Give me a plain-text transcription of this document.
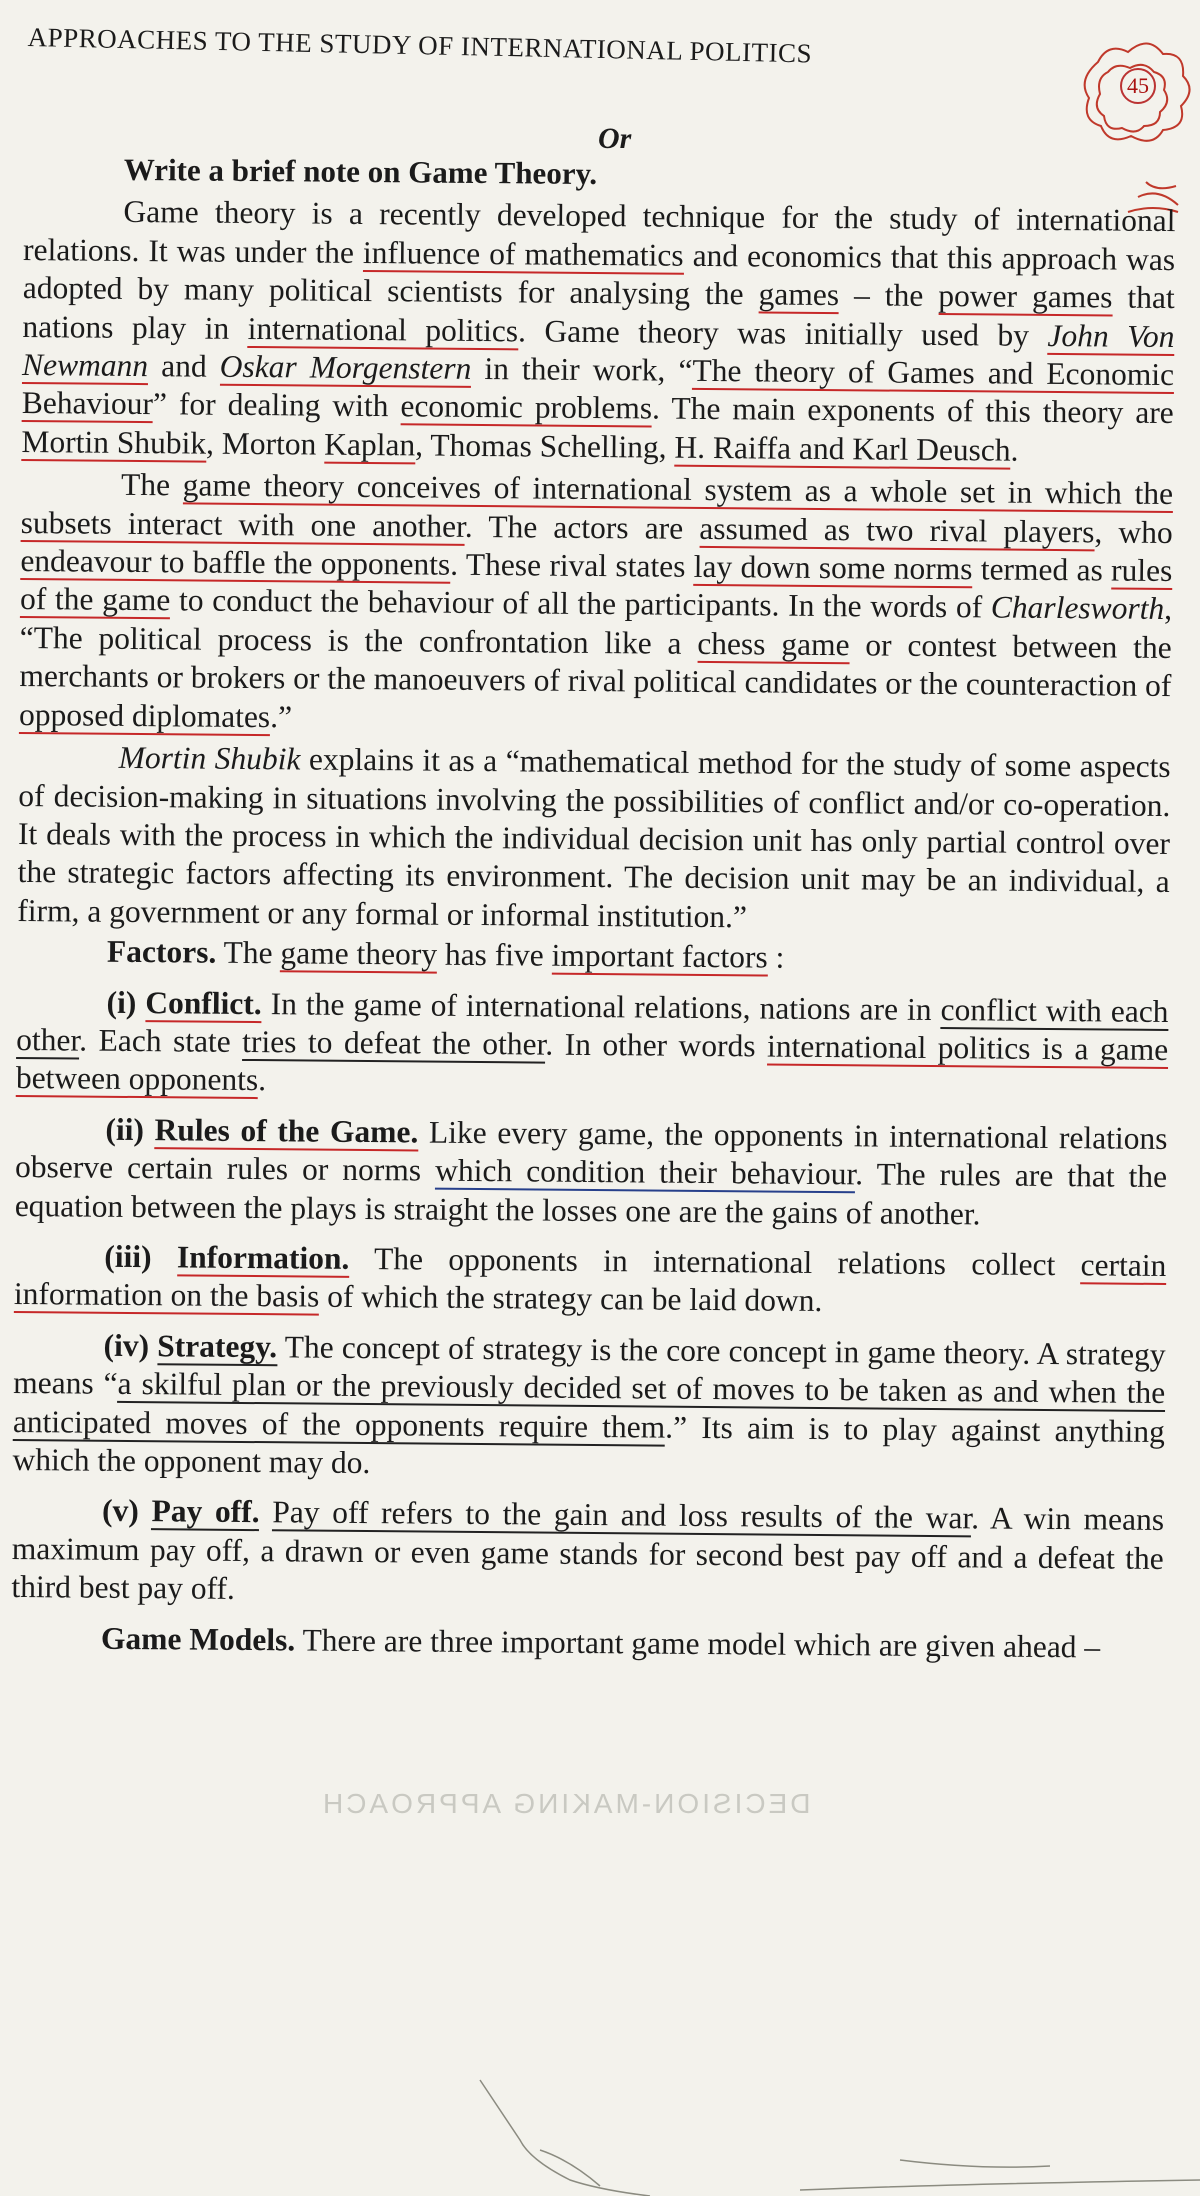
APPROACHES TO THE STUDY OF INTERNATIONAL POLITICS
45
Or

Write a brief note on Game Theory.

Game theory is a recently developed technique for the study of international relations. It was under the influence of mathematics and economics that this approach was adopted by many political scientists for analysing the games – the power games that nations play in international politics. Game theory was initially used by John Von Newmann and Oskar Morgenstern in their work, “The theory of Games and Economic Behaviour” for dealing with economic problems. The main exponents of this theory are Mortin Shubik, Morton Kaplan, Thomas Schelling, H. Raiffa and Karl Deusch.

The game theory conceives of international system as a whole set in which the subsets interact with one another. The actors are assumed as two rival players, who endeavour to baffle the opponents. These rival states lay down some norms termed as rules of the game to conduct the behaviour of all the participants. In the words of Charlesworth, “The political process is the confrontation like a chess game or contest between the merchants or brokers or the manoeuvers of rival political candidates or the counteraction of opposed diplomates.”

Mortin Shubik explains it as a “mathematical method for the study of some aspects of decision-making in situations involving the possibilities of conflict and/or co-operation. It deals with the process in which the individual decision unit has only partial control over the strategic factors affecting its environment. The decision unit may be an individual, a firm, a government or any formal or informal institution.”

Factors. The game theory has five important factors :

(i) Conflict. In the game of international relations, nations are in conflict with each other. Each state tries to defeat the other. In other words international politics is a game between opponents.

(ii) Rules of the Game. Like every game, the opponents in international relations observe certain rules or norms which condition their behaviour. The rules are that the equation between the plays is straight the losses one are the gains of another.

(iii) Information. The opponents in international relations collect certain information on the basis of which the strategy can be laid down.

(iv) Strategy. The concept of strategy is the core concept in game theory. A strategy means “a skilful plan or the previously decided set of moves to be taken as and when the anticipated moves of the opponents require them.” Its aim is to play against anything which the opponent may do.

(v) Pay off. Pay off refers to the gain and loss results of the war. A win means maximum pay off, a drawn or even game stands for second best pay off and a defeat the third best pay off.

Game Models. There are three important game model which are given ahead –

DECISION-MAKING APPROACH
